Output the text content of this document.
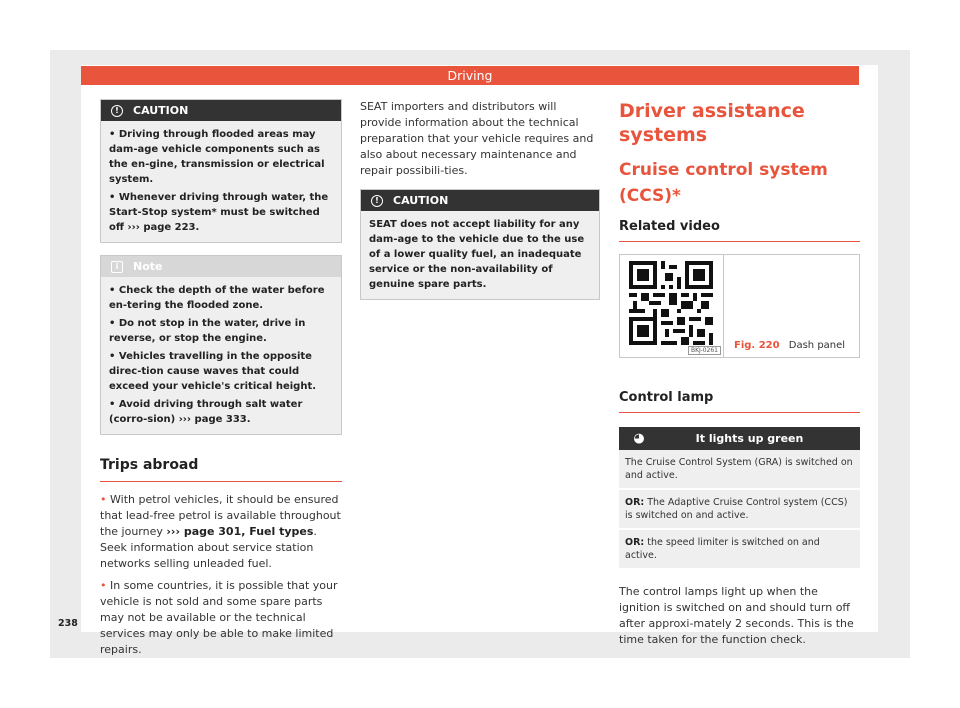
Driving
!	CAUTION

• Driving through flooded areas may dam-age vehicle components such as the en-gine, transmission or electrical system.

• Whenever driving through water, the Start-Stop system* must be switched off ››› page 223.

i	Note

• Check the depth of the water before en-tering the flooded zone.

• Do not stop in the water, drive in reverse, or stop the engine.

• Vehicles travelling in the opposite direc-tion cause waves that could exceed your vehicle's critical height.

• Avoid driving through salt water (corro-sion) ››› page 333.

Trips abroad

• With petrol vehicles, it should be ensured that lead-free petrol is available throughout the journey ››› page 301, Fuel types. Seek information about service station networks selling unleaded fuel.

• In some countries, it is possible that your vehicle is not sold and some spare parts may not be available or the technical services may only be able to make limited repairs.

SEAT importers and distributors will provide information about the technical preparation that your vehicle requires and also about necessary maintenance and repair possibili-ties.

!	CAUTION

SEAT does not accept liability for any dam-age to the vehicle due to the use of a lower quality fuel, an inadequate service or the non-availability of genuine spare parts.

Driver assistance systems
Cruise control system (CCS)*
Related video
BKJ-0261	Fig. 220 Dash panel
Control lamp
◕	It lights up green
The Cruise Control System (GRA) is switched on and active.
OR: The Adaptive Cruise Control system (CCS) is switched on and active.
OR: the speed limiter is switched on and active.

The control lamps light up when the ignition is switched on and should turn off after approxi-mately 2 seconds. This is the time taken for the function check.

238
